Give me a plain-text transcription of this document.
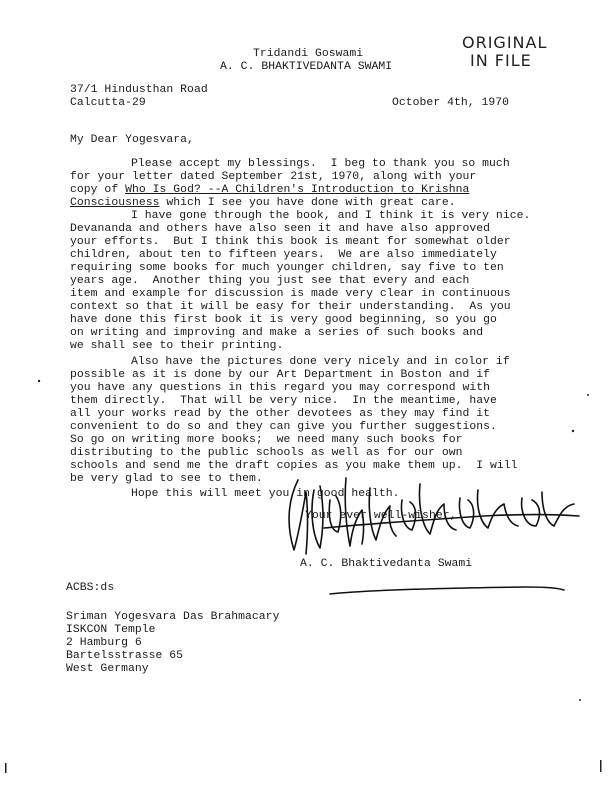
ORIGINAL
IN FILE
Tridandi Goswami
A. C. BHAKTIVEDANTA SWAMI
37/1 Hindusthan Road
Calcutta-29	October 4th, 1970
My Dear Yogesvara,
Please accept my blessings.  I beg to thank you so much
for your letter dated September 21st, 1970, along with your
copy of Who Is God? --A Children's Introduction to Krishna
Consciousness which I see you have done with great care.
I have gone through the book, and I think it is very nice.
Devananda and others have also seen it and have also approved
your efforts.  But I think this book is meant for somewhat older
children, about ten to fifteen years.  We are also immediately
requiring some books for much younger children, say five to ten
years age.  Another thing you just see that every and each
item and example for discussion is made very clear in continuous
context so that it will be easy for their understanding.  As you
have done this first book it is very good beginning, so you go
on writing and improving and make a series of such books and
we shall see to their printing.
Also have the pictures done very nicely and in color if
possible as it is done by our Art Department in Boston and if
you have any questions in this regard you may correspond with
them directly.  That will be very nice.  In the meantime, have
all your works read by the other devotees as they may find it
convenient to do so and they can give you further suggestions.
So go on writing more books;  we need many such books for
distributing to the public schools as well as for our own
schools and send me the draft copies as you make them up.  I will
be very glad to see to them.
Hope this will meet you in good health.
Your ever well-wisher,
A. C. Bhaktivedanta Swami
ACBS:ds
Sriman Yogesvara Das Brahmacary
ISKCON Temple
2 Hamburg 6
Bartelsstrasse 65
West Germany
